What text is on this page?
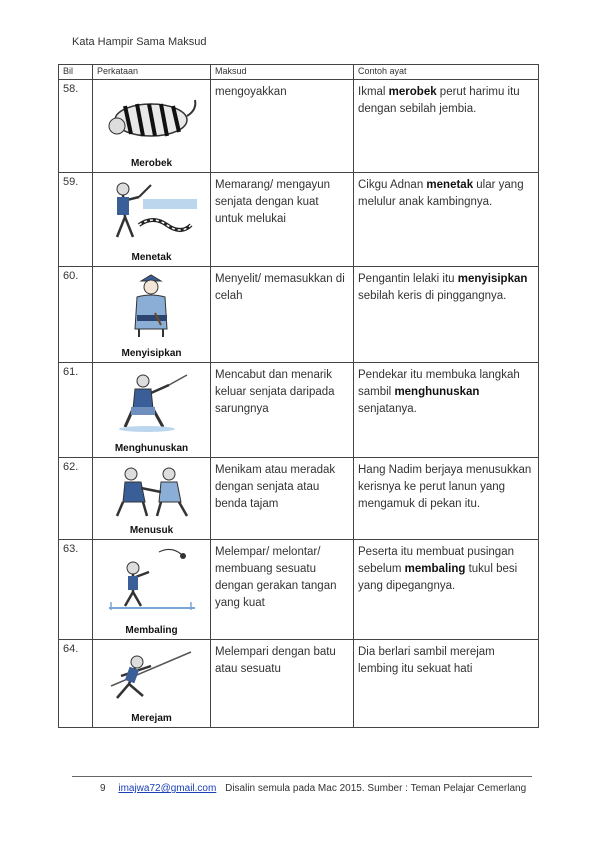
Kata Hampir Sama Maksud
Bil	Perkataan	Maksud	Contoh ayat
58.	Merobek	mengoyakkan	Ikmal merobek perut harimu itu dengan sebilah jembia.
59.	Menetak	Memarang/ mengayun senjata dengan kuat untuk melukai	Cikgu Adnan menetak ular yang melulur anak kambingnya.
60.	Menyisipkan	Menyelit/ memasukkan di celah	Pengantin lelaki itu menyisipkan sebilah keris di pinggangnya.
61.	Menghunuskan	Mencabut dan menarik keluar senjata daripada sarungnya	Pendekar itu membuka langkah sambil menghunuskan senjatanya.
62.	Menusuk	Menikam atau meradak dengan senjata atau benda tajam	Hang Nadim berjaya menusukkan kerisnya ke perut lanun yang mengamuk di pekan itu.
63.	Membaling	Melempar/ melontar/ membuang sesuatu dengan gerakan tangan yang kuat	Peserta itu membuat pusingan sebelum membaling tukul besi yang dipegangnya.
64.	Merejam	Melempari dengan batu atau sesuatu	Dia berlari sambil merejam lembing itu sekuat hati
9 imajwa72@gmail.com Disalin semula pada Mac 2015. Sumber : Teman Pelajar Cemerlang
